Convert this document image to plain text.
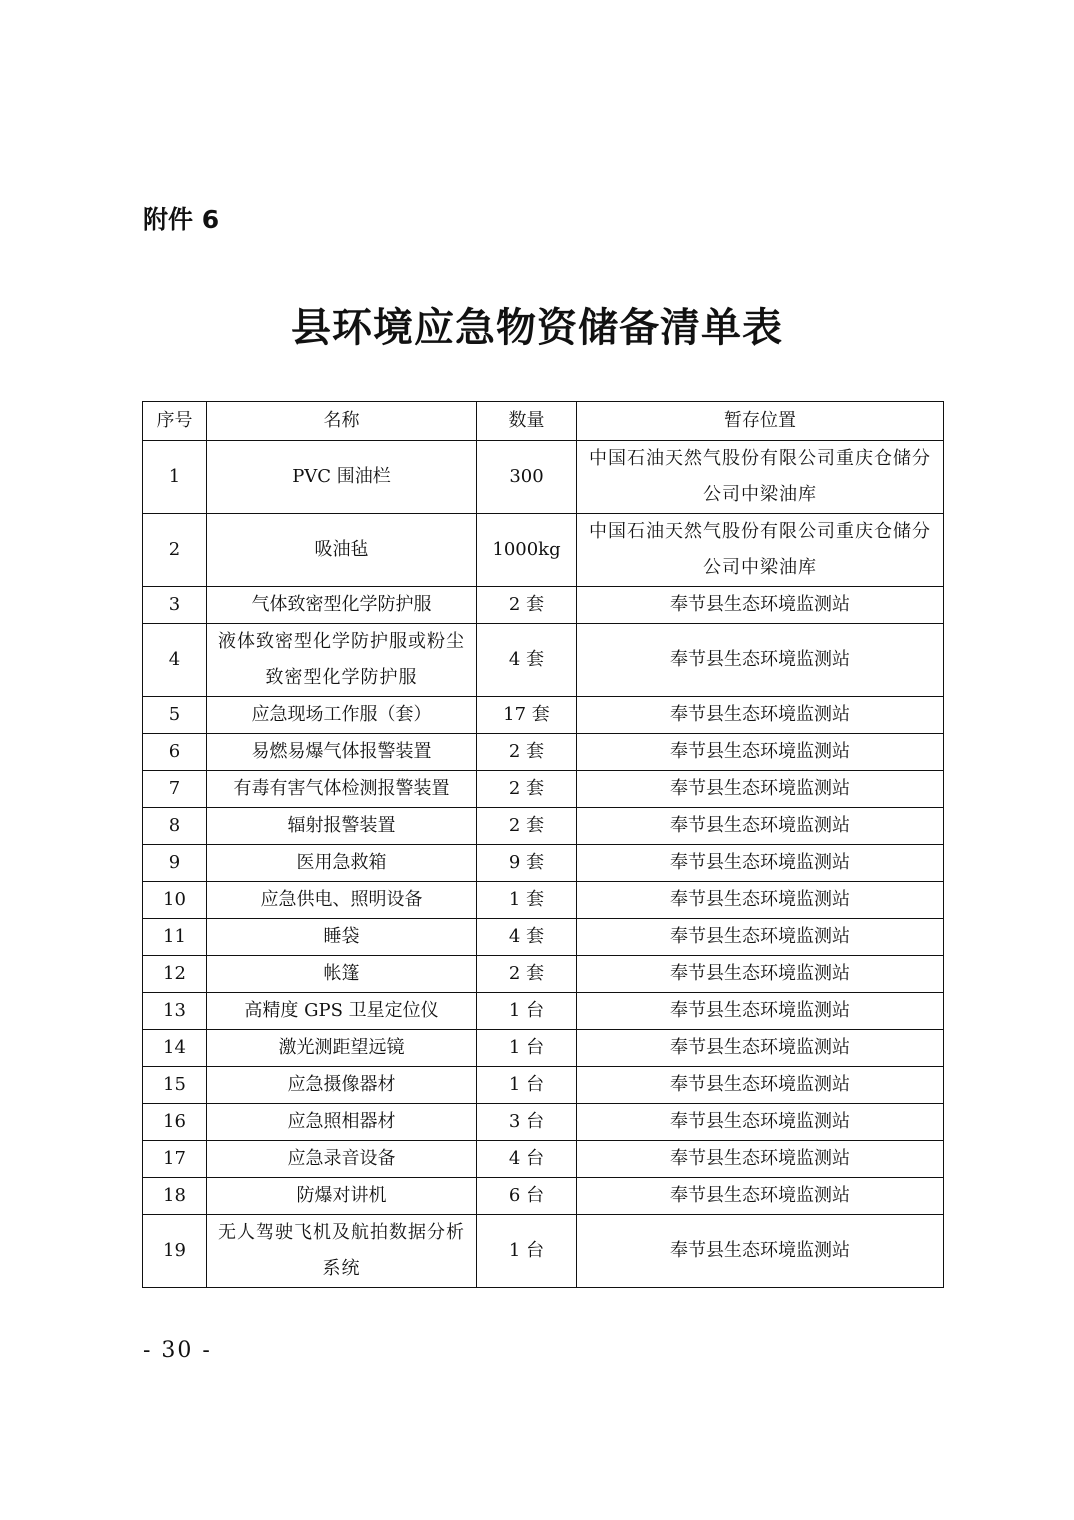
附件 6
县环境应急物资储备清单表
序号	名称	数量	暂存位置
1	PVC 围油栏	300	中国石油天然气股份有限公司重庆仓储分公司中梁油库
2	吸油毡	1000kg	中国石油天然气股份有限公司重庆仓储分公司中梁油库
3	气体致密型化学防护服	2 套	奉节县生态环境监测站
4	液体致密型化学防护服或粉尘致密型化学防护服	4 套	奉节县生态环境监测站
5	应急现场工作服（套）	17 套	奉节县生态环境监测站
6	易燃易爆气体报警装置	2 套	奉节县生态环境监测站
7	有毒有害气体检测报警装置	2 套	奉节县生态环境监测站
8	辐射报警装置	2 套	奉节县生态环境监测站
9	医用急救箱	9 套	奉节县生态环境监测站
10	应急供电、照明设备	1 套	奉节县生态环境监测站
11	睡袋	4 套	奉节县生态环境监测站
12	帐篷	2 套	奉节县生态环境监测站
13	高精度 GPS 卫星定位仪	1 台	奉节县生态环境监测站
14	激光测距望远镜	1 台	奉节县生态环境监测站
15	应急摄像器材	1 台	奉节县生态环境监测站
16	应急照相器材	3 台	奉节县生态环境监测站
17	应急录音设备	4 台	奉节县生态环境监测站
18	防爆对讲机	6 台	奉节县生态环境监测站
19	无人驾驶飞机及航拍数据分析系统	1 台	奉节县生态环境监测站
- 30 -
